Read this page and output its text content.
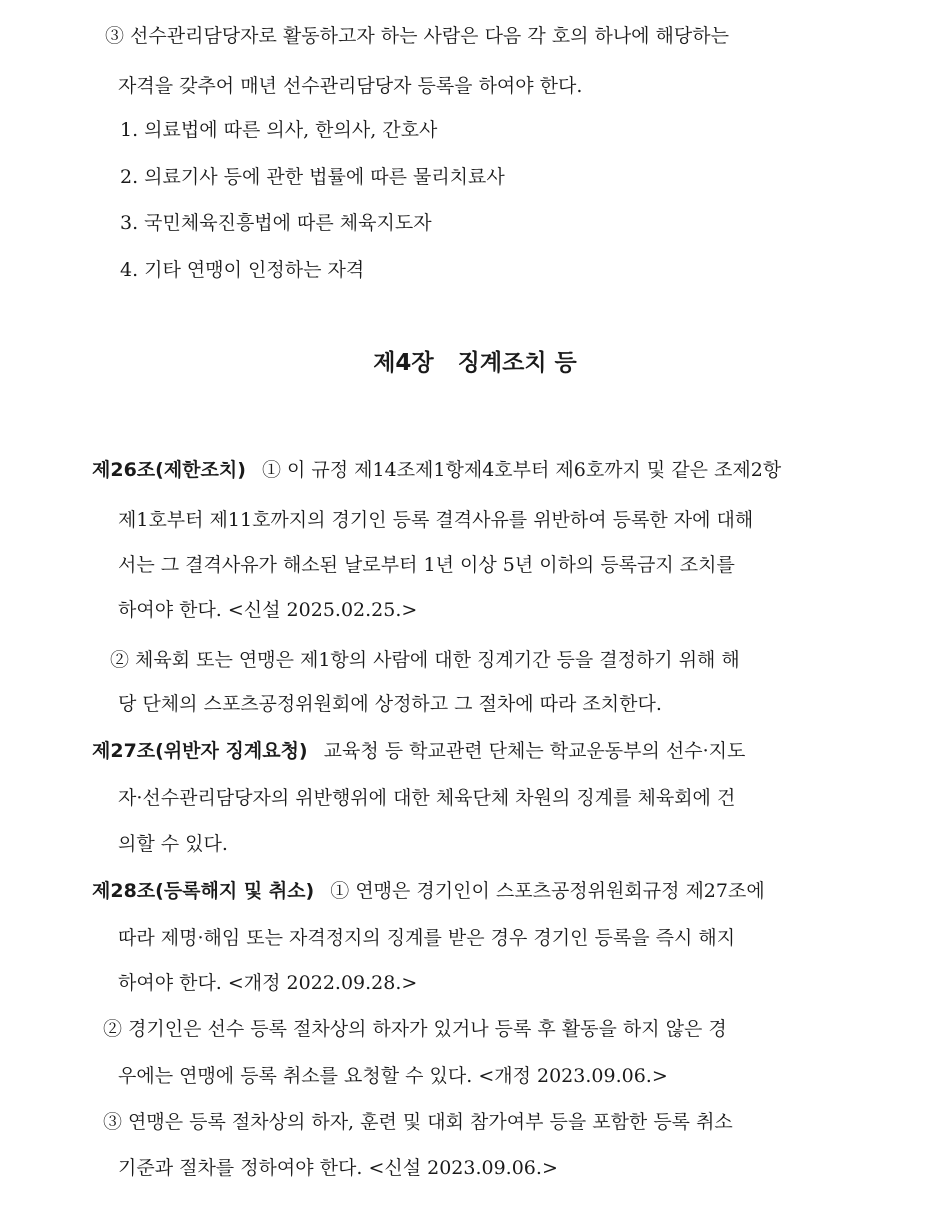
③ 선수관리담당자로 활동하고자 하는 사람은 다음 각 호의 하나에 해당하는
자격을 갖추어 매년 선수관리담당자 등록을 하여야 한다.
1. 의료법에 따른 의사, 한의사, 간호사
2. 의료기사 등에 관한 법률에 따른 물리치료사
3. 국민체육진흥법에 따른 체육지도자
4. 기타 연맹이 인정하는 자격
제4장 징계조치 등
제26조(제한조치) ① 이 규정 제14조제1항제4호부터 제6호까지 및 같은 조제2항
제1호부터 제11호까지의 경기인 등록 결격사유를 위반하여 등록한 자에 대해
서는 그 결격사유가 해소된 날로부터 1년 이상 5년 이하의 등록금지 조치를
하여야 한다. <신설 2025.02.25.>
② 체육회 또는 연맹은 제1항의 사람에 대한 징계기간 등을 결정하기 위해 해
당 단체의 스포츠공정위원회에 상정하고 그 절차에 따라 조치한다.
제27조(위반자 징계요청) 교육청 등 학교관련 단체는 학교운동부의 선수·지도
자·선수관리담당자의 위반행위에 대한 체육단체 차원의 징계를 체육회에 건
의할 수 있다.
제28조(등록해지 및 취소) ① 연맹은 경기인이 스포츠공정위원회규정 제27조에
따라 제명·해임 또는 자격정지의 징계를 받은 경우 경기인 등록을 즉시 해지
하여야 한다. <개정 2022.09.28.>
② 경기인은 선수 등록 절차상의 하자가 있거나 등록 후 활동을 하지 않은 경
우에는 연맹에 등록 취소를 요청할 수 있다. <개정 2023.09.06.>
③ 연맹은 등록 절차상의 하자, 훈련 및 대회 참가여부 등을 포함한 등록 취소
기준과 절차를 정하여야 한다. <신설 2023.09.06.>
